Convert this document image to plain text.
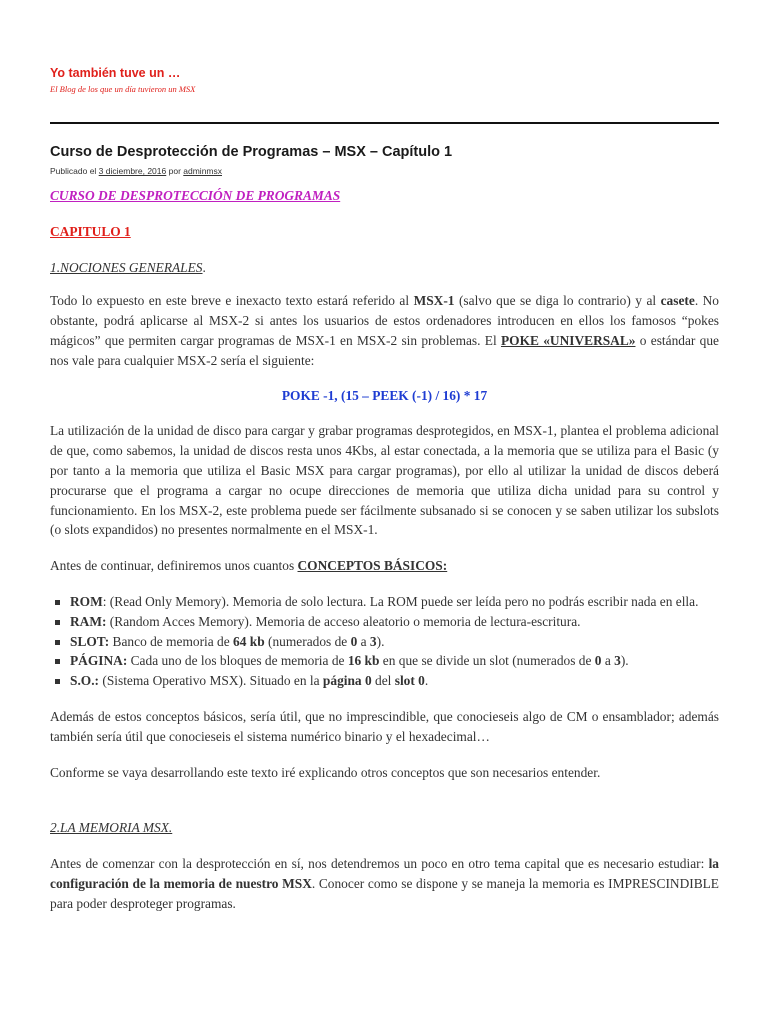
Yo también tuve un …
El Blog de los que un día tuvieron un MSX
Curso de Desprotección de Programas – MSX – Capítulo 1
Publicado el 3 diciembre, 2016 por adminmsx

CURSO DE DESPROTECCIÓN DE PROGRAMAS

CAPITULO 1

1.NOCIONES GENERALES.

Todo lo expuesto en este breve e inexacto texto estará referido al MSX-1 (salvo que se diga lo contrario) y al casete. No obstante, podrá aplicarse al MSX-2 si antes los usuarios de estos ordenadores introducen en ellos los famosos “pokes mágicos” que permiten cargar programas de MSX-1 en MSX-2 sin problemas. El POKE «UNIVERSAL» o estándar que nos vale para cualquier MSX-2 sería el siguiente:

POKE -1, (15 – PEEK (-1) / 16) * 17

La utilización de la unidad de disco para cargar y grabar programas desprotegidos, en MSX-1, plantea el problema adicional de que, como sabemos, la unidad de discos resta unos 4Kbs, al estar conectada, a la memoria que se utiliza para el Basic (y por tanto a la memoria que utiliza el Basic MSX para cargar programas), por ello al utilizar la unidad de discos deberá procurarse que el programa a cargar no ocupe direcciones de memoria que utiliza dicha unidad para su control y funcionamiento. En los MSX-2, este problema puede ser fácilmente subsanado si se conocen y se saben utilizar los subslots (o slots expandidos) no presentes normalmente en el MSX-1.

Antes de continuar, definiremos unos cuantos CONCEPTOS BÁSICOS:

ROM: (Read Only Memory). Memoria de solo lectura. La ROM puede ser leída pero no podrás escribir nada en ella.
RAM: (Random Acces Memory). Memoria de acceso aleatorio o memoria de lectura-escritura.
SLOT: Banco de memoria de 64 kb (numerados de 0 a 3).
PÁGINA: Cada uno de los bloques de memoria de 16 kb en que se divide un slot (numerados de 0 a 3).
S.O.: (Sistema Operativo MSX). Situado en la página 0 del slot 0.

Además de estos conceptos básicos, sería útil, que no imprescindible, que conocieseis algo de CM o ensamblador; además también sería útil que conocieseis el sistema numérico binario y el hexadecimal…

Conforme se vaya desarrollando este texto iré explicando otros conceptos que son necesarios entender.

2.LA MEMORIA MSX.

Antes de comenzar con la desprotección en sí, nos detendremos un poco en otro tema capital que es necesario estudiar: la configuración de la memoria de nuestro MSX. Conocer como se dispone y se maneja la memoria es IMPRESCINDIBLE para poder desproteger programas.
